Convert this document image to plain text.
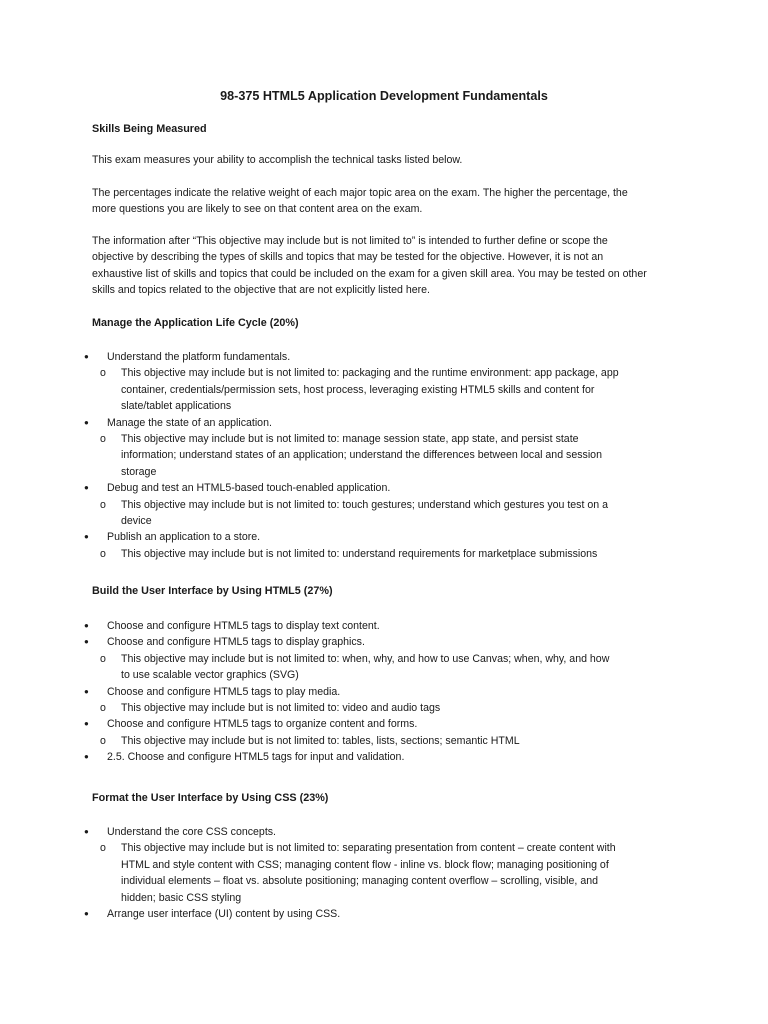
98-375 HTML5 Application Development Fundamentals
Skills Being Measured

This exam measures your ability to accomplish the technical tasks listed below.

The percentages indicate the relative weight of each major topic area on the exam. The higher the percentage, the more questions you are likely to see on that content area on the exam.

The information after “This objective may include but is not limited to” is intended to further define or scope the objective by describing the types of skills and topics that may be tested for the objective. However, it is not an exhaustive list of skills and topics that could be included on the exam for a given skill area. You may be tested on other skills and topics related to the objective that are not explicitly listed here.

Manage the Application Life Cycle (20%)
● Understand the platform fundamentals.
o This objective may include but is not limited to: packaging and the runtime environment: app package, app container, credentials/permission sets, host process, leveraging existing HTML5 skills and content for slate/tablet applications
● Manage the state of an application.
o This objective may include but is not limited to: manage session state, app state, and persist state information; understand states of an application; understand the differences between local and session storage
● Debug and test an HTML5-based touch-enabled application.
o This objective may include but is not limited to: touch gestures; understand which gestures you test on a device
● Publish an application to a store.
o This objective may include but is not limited to: understand requirements for marketplace submissions
Build the User Interface by Using HTML5 (27%)
● Choose and configure HTML5 tags to display text content.
● Choose and configure HTML5 tags to display graphics.
o This objective may include but is not limited to: when, why, and how to use Canvas; when, why, and how to use scalable vector graphics (SVG)
● Choose and configure HTML5 tags to play media.
o This objective may include but is not limited to: video and audio tags
● Choose and configure HTML5 tags to organize content and forms.
o This objective may include but is not limited to: tables, lists, sections; semantic HTML
● 2.5. Choose and configure HTML5 tags for input and validation.
Format the User Interface by Using CSS (23%)
● Understand the core CSS concepts.
o This objective may include but is not limited to: separating presentation from content – create content with HTML and style content with CSS; managing content flow - inline vs. block flow; managing positioning of individual elements – float vs. absolute positioning; managing content overflow – scrolling, visible, and hidden; basic CSS styling
● Arrange user interface (UI) content by using CSS.
